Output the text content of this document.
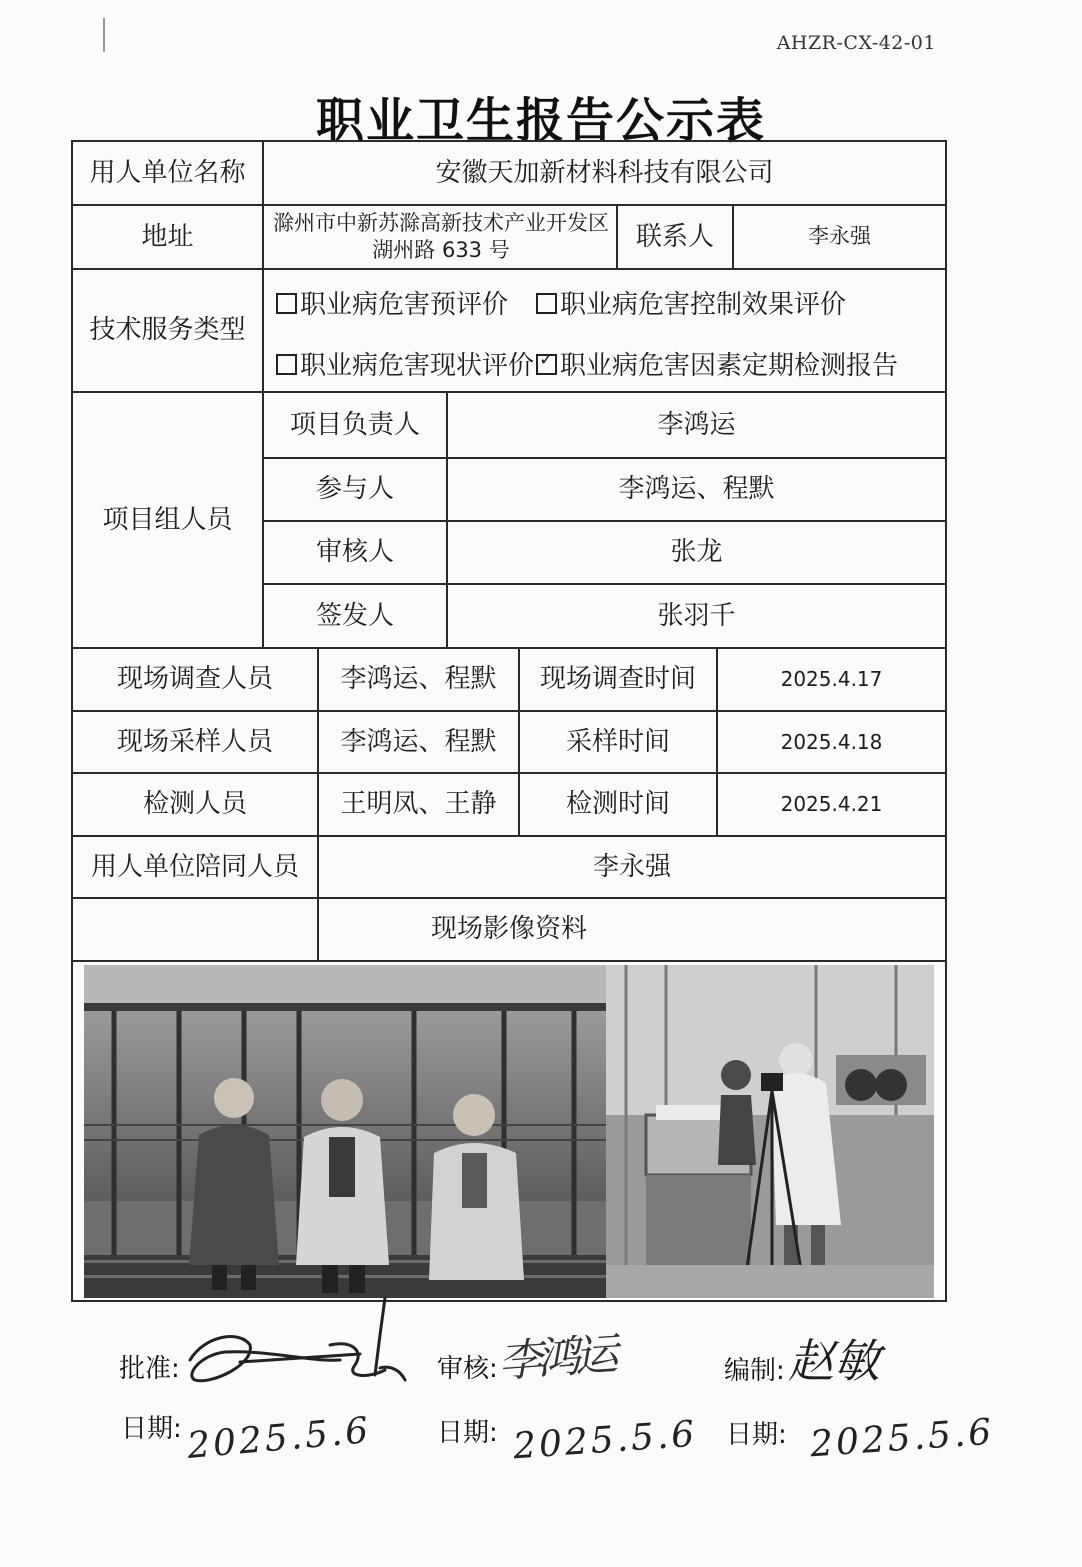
AHZR-CX-42-01
职业卫生报告公示表
用人单位名称	安徽天加新材料科技有限公司
地址	滁州市中新苏滁高新技术产业开发区湖州路 633 号	联系人	李永强
技术服务类型
职业病危害预评价 职业病危害控制效果评价
职业病危害现状评价
✓ 职业病危害因素定期检测报告
项目组人员
项目负责人	李鸿运
参与人	李鸿运、程默
审核人	张龙
签发人	张羽千
现场调查人员	李鸿运、程默	现场调查时间	2025.4.17
现场采样人员	李鸿运、程默	采样时间	2025.4.18
检测人员	王明凤、王静	检测时间	2025.4.21
用人单位陪同人员	李永强
现场影像资料
批准:	审核:	编制:
日期:	日期:	日期:
李鸿运	赵敏
2025.5.6	2025.5.6	2025.5.6
